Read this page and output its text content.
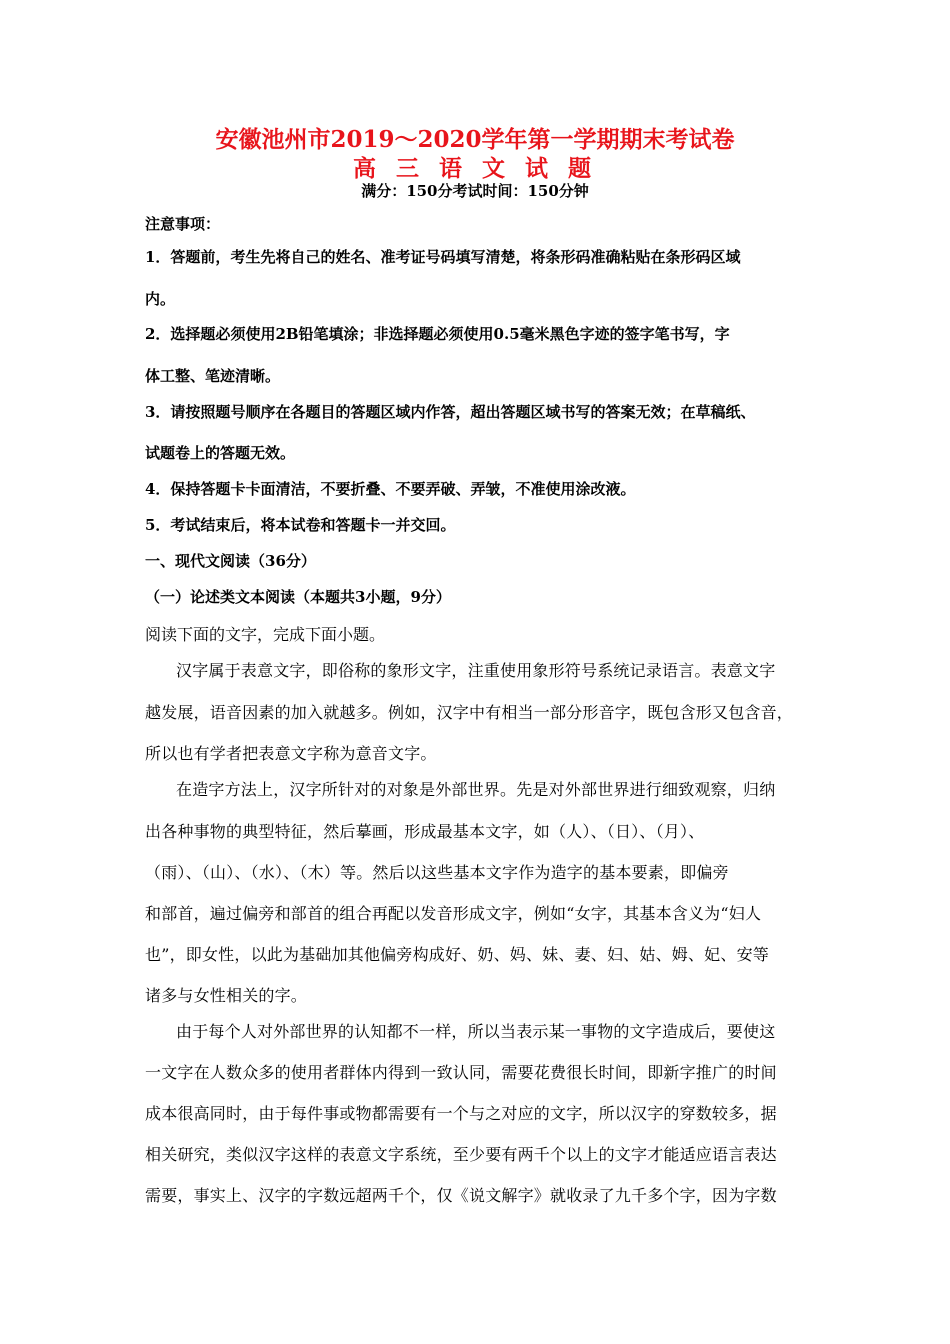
安徽池州市2019～2020学年第一学期期末考试卷
高 三 语 文 试 题
满分：150分考试时间：150分钟
注意事项：
1．答题前，考生先将自己的姓名、准考证号码填写清楚，将条形码准确粘贴在条形码区域
内。
2．选择题必须使用2B铅笔填涂；非选择题必须使用0.5毫米黑色字迹的签字笔书写，字
体工整、笔迹清晰。
3．请按照题号顺序在各题目的答题区域内作答，超出答题区域书写的答案无效；在草稿纸、
试题卷上的答题无效。
4．保持答题卡卡面清洁，不要折叠、不要弄破、弄皱，不准使用涂改液。
5．考试结束后，将本试卷和答题卡一并交回。
一、现代文阅读（36分）
（一）论述类文本阅读（本题共3小题，9分）
阅读下面的文字，完成下面小题。
汉字属于表意文字，即俗称的象形文字，注重使用象形符号系统记录语言。表意文字
越发展，语音因素的加入就越多。例如，汉字中有相当一部分形音字，既包含形又包含音，
所以也有学者把表意文字称为意音文字。
在造字方法上，汉字所针对的对象是外部世界。先是对外部世界进行细致观察，归纳
出各种事物的典型特征，然后摹画，形成最基本文字，如（人）、（日）、（月）、
（雨）、（山）、（水）、（木）等。然后以这些基本文字作为造字的基本要素，即偏旁
和部首，遍过偏旁和部首的组合再配以发音形成文字，例如“女字，其基本含义为“妇人
也”，即女性，以此为基础加其他偏旁构成好、奶、妈、妹、妻、妇、姑、姆、妃、安等
诸多与女性相关的字。
由于每个人对外部世界的认知都不一样，所以当表示某一事物的文字造成后，要使这
一文字在人数众多的使用者群体内得到一致认同，需要花费很长时间，即新字推广的时间
成本很高同时，由于每件事或物都需要有一个与之对应的文字，所以汉字的穿数较多，据
相关研究，类似汉字这样的表意文字系统，至少要有两千个以上的文字才能适应语言表达
需要，事实上、汉字的字数远超两千个，仅《说文解字》就收录了九千多个字，因为字数
